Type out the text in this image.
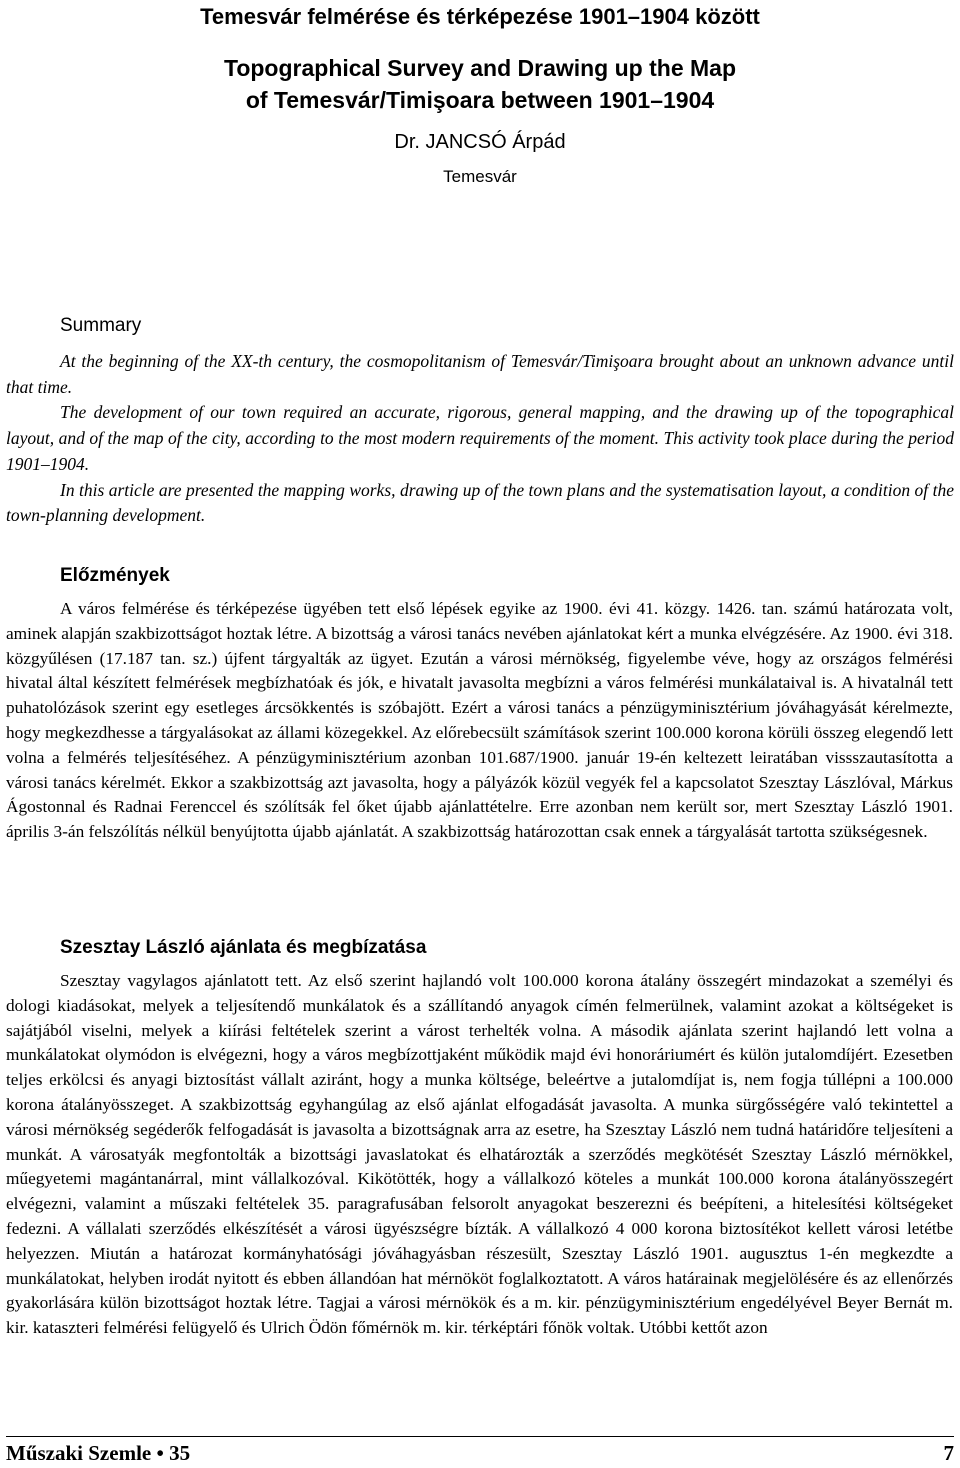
Temesvár felmérése és térképezése 1901–1904 között
Topographical Survey and Drawing up the Map
of Temesvár/Timişoara between 1901–1904
Dr. JANCSÓ Árpád
Temesvár
Summary

At the beginning of the XX-th century, the cosmopolitanism of Temesvár/Timişoara brought about an unknown advance until that time.

The development of our town required an accurate, rigorous, general mapping, and the drawing up of the topographical layout, and of the map of the city, according to the most modern requirements of the moment. This activity took place during the period 1901–1904.

In this article are presented the mapping works, drawing up of the town plans and the systematisation layout, a condition of the town-planning development.

Előzmények

A város felmérése és térképezése ügyében tett első lépések egyike az 1900. évi 41. közgy. 1426. tan. számú határozata volt, aminek alapján szakbizottságot hoztak létre. A bizottság a városi tanács nevében ajánlatokat kért a munka elvégzésére. Az 1900. évi 318. közgyűlésen (17.187 tan. sz.) újfent tárgyalták az ügyet. Ezután a városi mérnökség, figyelembe véve, hogy az országos felmérési hivatal által készített felmérések megbízhatóak és jók, e hivatalt javasolta megbízni a város felmérési munkálataival is. A hivatalnál tett puhatolózások szerint egy esetleges árcsökkentés is szóbajött. Ezért a városi tanács a pénzügyminisztérium jóváhagyását kérelmezte, hogy megkezdhesse a tárgyalásokat az állami közegekkel. Az előrebecsült számítások szerint 100.000 korona körüli összeg elegendő lett volna a felmérés teljesítéséhez. A pénzügyminisztérium azonban 101.687/1900. január 19-én keltezett leiratában vissszautasította a városi tanács kérelmét. Ekkor a szakbizottság azt javasolta, hogy a pályázók közül vegyék fel a kapcsolatot Szesztay Lászlóval, Márkus Ágostonnal és Radnai Ferenccel és szólítsák fel őket újabb ajánlattételre. Erre azonban nem került sor, mert Szesztay László 1901. április 3-án felszólítás nélkül benyújtotta újabb ajánlatát. A szakbizottság határozottan csak ennek a tárgyalását tartotta szükségesnek.

Szesztay László ajánlata és megbízatása

Szesztay vagylagos ajánlatott tett. Az első szerint hajlandó volt 100.000 korona átalány összegért mindazokat a személyi és dologi kiadásokat, melyek a teljesítendő munkálatok és a szállítandó anyagok címén felmerülnek, valamint azokat a költségeket is sajátjából viselni, melyek a kiírási feltételek szerint a várost terhelték volna. A második ajánlata szerint hajlandó lett volna a munkálatokat olymódon is elvégezni, hogy a város megbízottjaként működik majd évi honoráriumért és külön jutalomdíjért. Ezesetben teljes erkölcsi és anyagi biztosítást vállalt aziránt, hogy a munka költsége, beleértve a jutalomdíjat is, nem fogja túllépni a 100.000 korona átalányösszeget. A szakbizottság egyhangúlag az első ajánlat elfogadását javasolta. A munka sürgősségére való tekintettel a városi mérnökség segéderők felfogadását is javasolta a bizottságnak arra az esetre, ha Szesztay László nem tudná határidőre teljesíteni a munkát. A városatyák megfontolták a bizottsági javaslatokat és elhatározták a szerződés megkötését Szesztay László mérnökkel, műegyetemi magántanárral, mint vállalkozóval. Kikötötték, hogy a vállalkozó köteles a munkát 100.000 korona átalányösszegért elvégezni, valamint a műszaki feltételek 35. paragrafusában felsorolt anyagokat beszerezni és beépíteni, a hitelesítési költségeket fedezni. A vállalati szerződés elkészítését a városi ügyészségre bízták. A vállalkozó 4 000 korona biztosítékot kellett városi letétbe helyezzen. Miután a határozat kormányhatósági jóváhagyásban részesült, Szesztay László 1901. augusztus 1-én megkezdte a munkálatokat, helyben irodát nyitott és ebben állandóan hat mérnököt foglalkoztatott. A város határainak megjelölésére és az ellenőrzés gyakorlására külön bizottságot hoztak létre. Tagjai a városi mérnökök és a m. kir. pénzügyminisztérium engedélyével Beyer Bernát m. kir. kataszteri felmérési felügyelő és Ulrich Ödön főmérnök m. kir. térképtári főnök voltak. Utóbbi kettőt azon

Műszaki Szemle • 35	7
